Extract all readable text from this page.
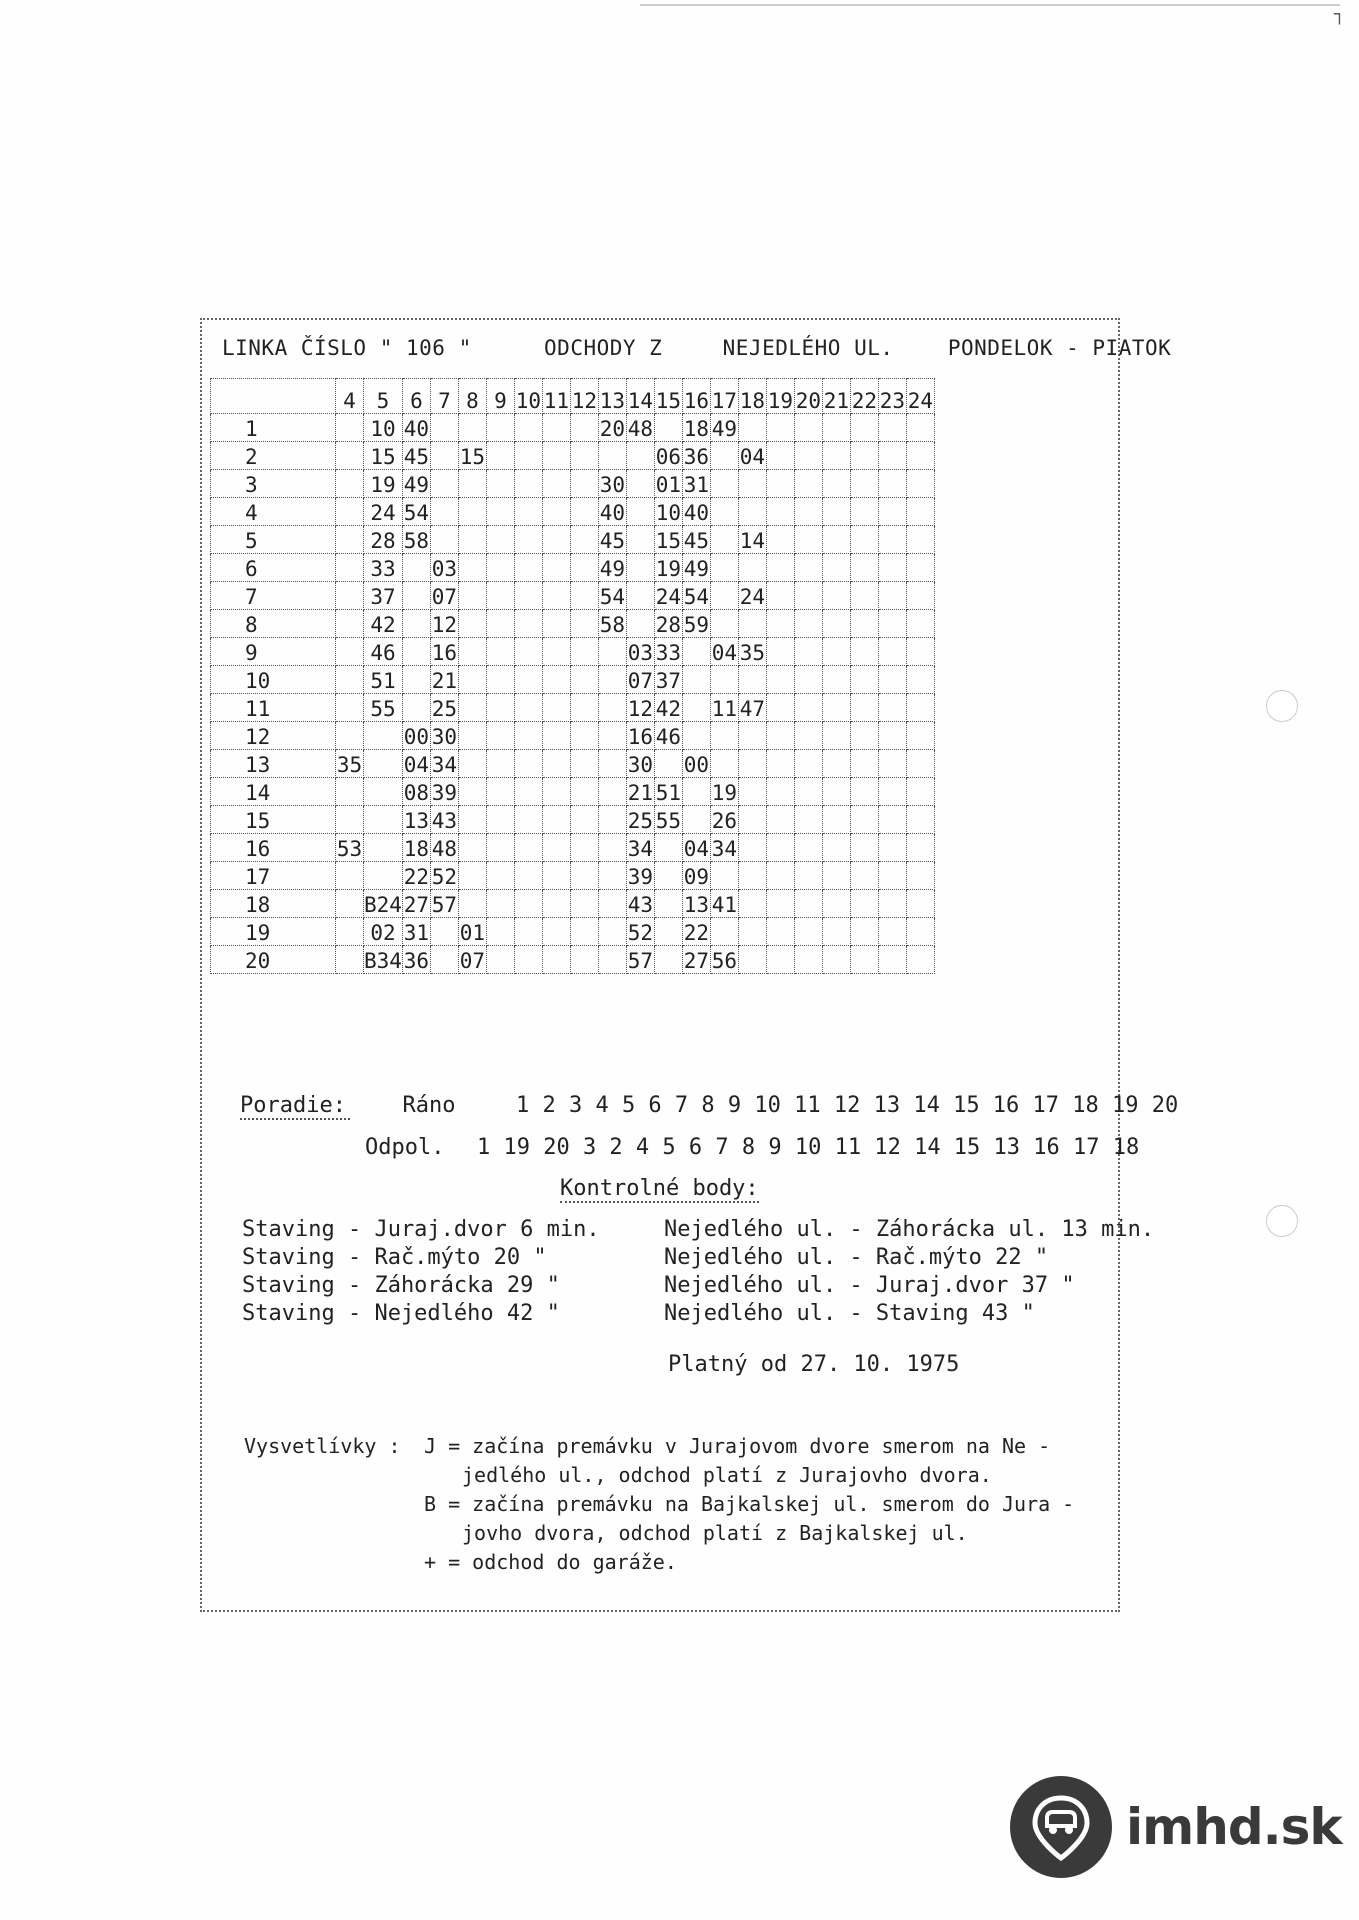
┐
LINKA ČÍSLO " 106 "	ODCHODY Z	NEJEDLÉHO UL.	PONDELOK - PIATOK
	4	5	6	7	8	9	10	11	12	13	14	15	16	17	18	19	20	21	22	23	24
1		10	40							20	48		18	49							
2		15	45		15							06	36		04						
3		19	49							30		01	31								
4		24	54							40		10	40								
5		28	58							45		15	45		14						
6		33		03						49		19	49								
7		37		07						54		24	54		24						
8		42		12						58		28	59								
9		46		16							03	33		04	35						
10		51		21							07	37									
11		55		25							12	42		11	47						
12			00	30							16	46									
13	35		04	34							30		00								
14			08	39							21	51		19							
15			13	43							25	55		26							
16	53		18	48							34		04	34							
17			22	52							39		09								
18		B24	27	57							43		13	41							
19		02	31		01						52		22								
20		B34	36		07						57		27	56							
Poradie:	Ráno	1 2 3 4 5 6 7 8 9 10 11 12 13 14 15 16 17 18 19 20
Odpol. 1 19 20 3 2 4 5 6 7 8 9 10 11 12 14 15 13 16 17 18
Kontrolné body:
Staving - Juraj.dvor 6 min.	Nejedlého ul. - Záhorácka ul. 13 min.
Staving - Rač.mýto 20 "	Nejedlého ul. - Rač.mýto 22 "
Staving - Záhorácka 29 "	Nejedlého ul. - Juraj.dvor 37 "
Staving - Nejedlého 42 "	Nejedlého ul. - Staving 43 "
Platný od 27. 10. 1975
Vysvetlívky : J = začína premávku v Jurajovom dvore smerom na Ne -
jedlého ul., odchod platí z Jurajovho dvora.
B = začína premávku na Bajkalskej ul. smerom do Jura -
jovho dvora, odchod platí z Bajkalskej ul.
+ = odchod do garáže.
imhd.sk
